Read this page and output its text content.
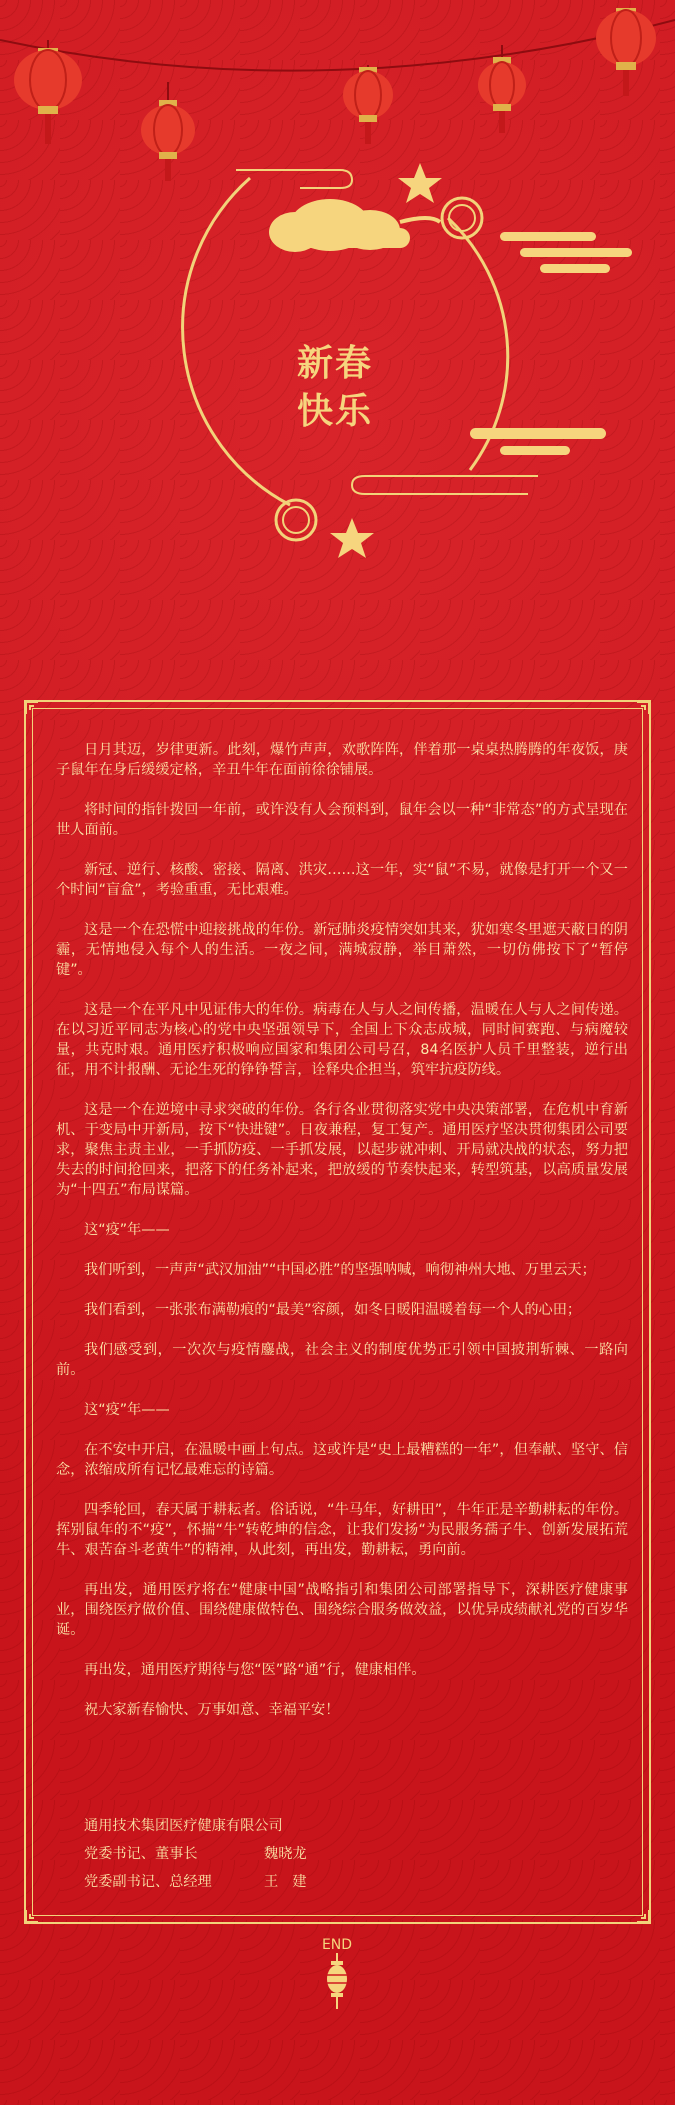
新春
快乐

日月其迈，岁律更新。此刻，爆竹声声，欢歌阵阵，伴着那一桌桌热腾腾的年夜饭，庚子鼠年在身后缓缓定格，辛丑牛年在面前徐徐铺展。

将时间的指针拨回一年前，或许没有人会预料到，鼠年会以一种“非常态”的方式呈现在世人面前。

新冠、逆行、核酸、密接、隔离、洪灾……这一年，实“鼠”不易，就像是打开一个又一个时间“盲盒”，考验重重，无比艰难。

这是一个在恐慌中迎接挑战的年份。新冠肺炎疫情突如其来，犹如寒冬里遮天蔽日的阴霾，无情地侵入每个人的生活。一夜之间，满城寂静，举目萧然，一切仿佛按下了“暂停键”。

这是一个在平凡中见证伟大的年份。病毒在人与人之间传播，温暖在人与人之间传递。在以习近平同志为核心的党中央坚强领导下，全国上下众志成城，同时间赛跑、与病魔较量，共克时艰。通用医疗积极响应国家和集团公司号召，84名医护人员千里整装，逆行出征，用不计报酬、无论生死的铮铮誓言，诠释央企担当，筑牢抗疫防线。

这是一个在逆境中寻求突破的年份。各行各业贯彻落实党中央决策部署，在危机中育新机、于变局中开新局，按下“快进键”。日夜兼程，复工复产。通用医疗坚决贯彻集团公司要求，聚焦主责主业，一手抓防疫、一手抓发展，以起步就冲刺、开局就决战的状态，努力把失去的时间抢回来，把落下的任务补起来，把放缓的节奏快起来，转型筑基，以高质量发展为“十四五”布局谋篇。

这“疫”年——

我们听到，一声声“武汉加油”“中国必胜”的坚强呐喊，响彻神州大地、万里云天；

我们看到，一张张布满勒痕的“最美”容颜，如冬日暖阳温暖着每一个人的心田；

我们感受到，一次次与疫情鏖战，社会主义的制度优势正引领中国披荆斩棘、一路向前。

这“疫”年——

在不安中开启，在温暖中画上句点。这或许是“史上最糟糕的一年”，但奉献、坚守、信念，浓缩成所有记忆最难忘的诗篇。

四季轮回，春天属于耕耘者。俗话说，“牛马年，好耕田”，牛年正是辛勤耕耘的年份。挥别鼠年的不“疫”，怀揣“牛”转乾坤的信念，让我们发扬“为民服务孺子牛、创新发展拓荒牛、艰苦奋斗老黄牛”的精神，从此刻，再出发，勤耕耘，勇向前。

再出发，通用医疗将在“健康中国”战略指引和集团公司部署指导下，深耕医疗健康事业，围绕医疗做价值、围绕健康做特色、围绕综合服务做效益，以优异成绩献礼党的百岁华诞。

再出发，通用医疗期待与您“医”路“通”行，健康相伴。

祝大家新春愉快、万事如意、幸福平安！

通用技术集团医疗健康有限公司
党委书记、董事长	魏晓龙
党委副书记、总经理	王　建
END
